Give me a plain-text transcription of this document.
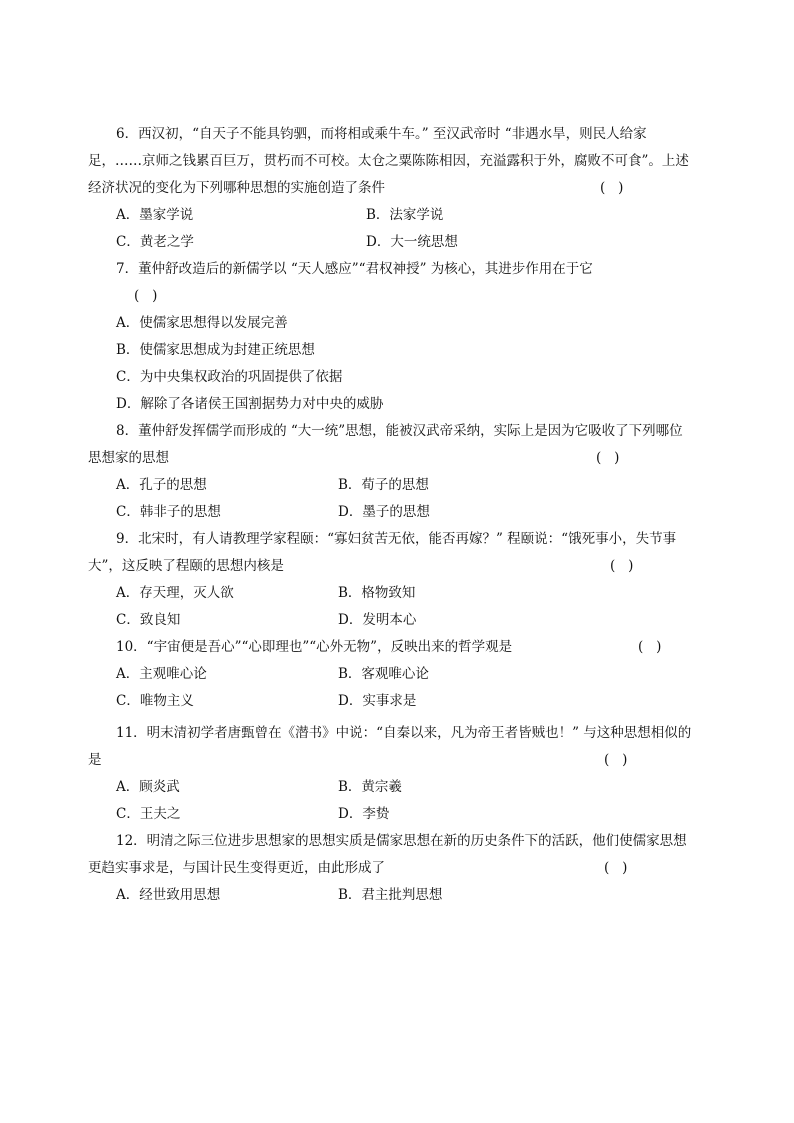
6．西汉初，“自天子不能具钧驷，而将相或乘牛车。” 至汉武帝时 “非遇水旱，则民人给家
足，……京师之钱累百巨万，贯朽而不可校。太仓之粟陈陈相因，充溢露积于外，腐败不可食”。上述
经济状况的变化为下列哪种思想的实施创造了条件	(   )
A．墨家学说	B．法家学说
C．黄老之学	D．大一统思想
7．董仲舒改造后的新儒学以 “天人感应”“君权神授” 为核心，其进步作用在于它
(   )
A．使儒家思想得以发展完善
B．使儒家思想成为封建正统思想
C．为中央集权政治的巩固提供了依据
D．解除了各诸侯王国割据势力对中央的威胁
8．董仲舒发挥儒学而形成的 “大一统”思想，能被汉武帝采纳，实际上是因为它吸收了下列哪位
思想家的思想	(   )
A．孔子的思想	B．荀子的思想
C．韩非子的思想	D．墨子的思想
9．北宋时，有人请教理学家程颐：“寡妇贫苦无依，能否再嫁？” 程颐说：“饿死事小，失节事
大”，这反映了程颐的思想内核是	(   )
A．存天理，灭人欲	B．格物致知
C．致良知	D．发明本心
10．“宇宙便是吾心”“心即理也”“心外无物”，反映出来的哲学观是	(   )
A．主观唯心论	B．客观唯心论
C．唯物主义	D．实事求是
11．明末清初学者唐甄曾在《潜书》中说：“自秦以来，凡为帝王者皆贼也！” 与这种思想相似的
是	(   )
A．顾炎武	B．黄宗羲
C．王夫之	D．李贽
12．明清之际三位进步思想家的思想实质是儒家思想在新的历史条件下的活跃，他们使儒家思想
更趋实事求是，与国计民生变得更近，由此形成了	(   )
A．经世致用思想	B．君主批判思想
